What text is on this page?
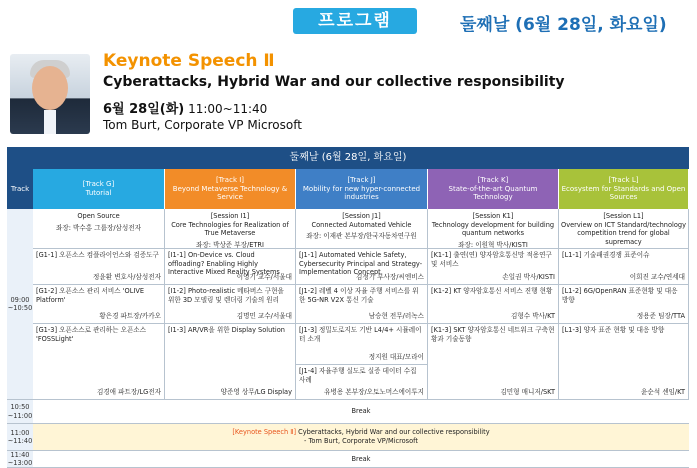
프로그램	둘째날 (6월 28일, 화요일)
Keynote Speech Ⅱ
Cyberattacks, Hybrid War and our collective responsibility
6월 28일(화) 11:00~11:40
Tom Burt, Corporate VP Microsoft
둘째날 (6월 28일, 화요일)
Track
[Track G]
Tutorial
[Track I]
Beyond Metaverse Technology & Service
[Track J]
Mobility for new hyper-connected industries
[Track K]
State-of-the-art Quantum Technology
[Track L]
Ecosystem for Standards and Open Sources
09:00
~10:50
Open Source
좌장: 박수홍 그룹장/삼성전자
[Session I1]
Core Technologies for Realization of True Metaverse
좌장: 박상준 부장/ETRI
[Session J1]
Connected Automated Vehicle
좌장: 이재관 본부장/한국자동차연구원
[Session K1]
Technology development for building quantum networks
좌장: 이원혁 박사/KISTI
[Session L1]
Overview on ICT Standard/technology competition trend for global supremacy
[G1-1] 오픈소스 컴플라이언스와 검증도구
정윤환 변호사/삼성전자
[G1-2] 오픈소스 관리 서비스 'OLIVE Platform'
황은경 파트장/카카오
[G1-3] 오픈소스로 관리하는 오픈소스 'FOSSLight'
김경애 파트장/LG전자
[I1-1] On-Device vs. Cloud offloading? Enabling Highly Interactive Mixed Reality Systems
이영기 교수/서울대
[I1-2] Photo-realistic 메타버스 구현을 위한 3D 모델링 및 렌더링 기술의 원리
김명민 교수/서울대
[I1-3] AR/VR을 위한 Display Solution
양준영 상무/LG Display
[J1-1] Automated Vehicle Safety, Cybersecurity Principal and Strategy-Implementation Concept
김정기 부사장/씨엔비스
[J1-2] 레벨 4 이상 자율 주행 서비스를 위한 5G-NR V2X 통신 기술
남승현 전무/러녹스
[J1-3] 정밀도로지도 기반 L4/4+ 시뮬레이터 소개
정지원 대표/모라이
[J1-4] 자율주행 실도로 실증 데이터 수집 사례
유병용 본부장/오토노머스에이투지
[K1-1] 출연(연) 양자암호통신망 적용연구 및 서비스
손일권 박사/KISTI
[K1-2] KT 양자암호통신 서비스 진행 현황
김형수 박사/KT
[K1-3] SKT 양자암호통신 네트워크 구축현황과 기술동향
김민형 매니저/SKT
[L1-1] 기술패권경쟁 표준이슈
이희진 교수/연세대
[L1-2] 6G/OpenRAN 표준현황 및 대응 방향
정용준 팀장/TTA
[L1-3] 양자 표준 현황 및 대응 방향
윤순석 센임/KT
10:50
~11:00
Break
11:00
~11:40
[Keynote Speech Ⅱ] Cyberattacks, Hybrid War and our collective responsibility
- Tom Burt, Corporate VP/Microsoft
11:40
~13:00
Break
